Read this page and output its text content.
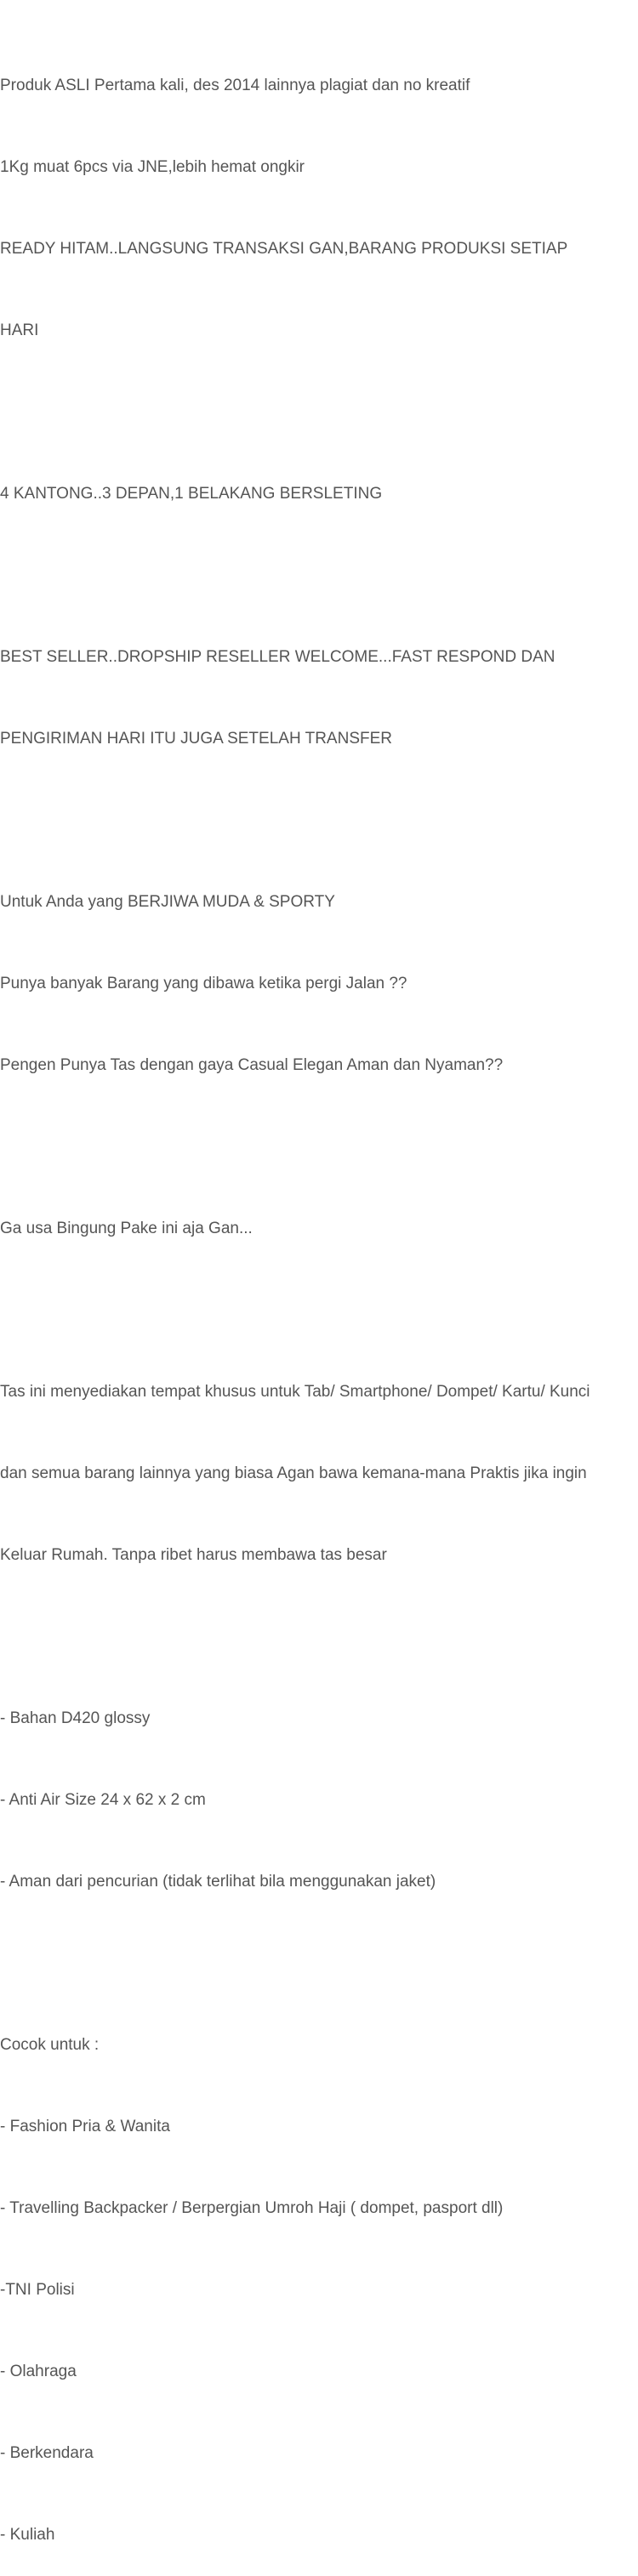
Produk ASLI Pertama kali, des 2014 lainnya plagiat dan no kreatif

1Kg muat 6pcs via JNE,lebih hemat ongkir

READY HITAM..LANGSUNG TRANSAKSI GAN,BARANG PRODUKSI SETIAP

HARI

4 KANTONG..3 DEPAN,1 BELAKANG BERSLETING

BEST SELLER..DROPSHIP RESELLER WELCOME...FAST RESPOND DAN

PENGIRIMAN HARI ITU JUGA SETELAH TRANSFER

Untuk Anda yang BERJIWA MUDA & SPORTY

Punya banyak Barang yang dibawa ketika pergi Jalan ??

Pengen Punya Tas dengan gaya Casual Elegan Aman dan Nyaman??

Ga usa Bingung Pake ini aja Gan...

Tas ini menyediakan tempat khusus untuk Tab/ Smartphone/ Dompet/ Kartu/ Kunci

dan semua barang lainnya yang biasa Agan bawa kemana-mana Praktis jika ingin

Keluar Rumah. Tanpa ribet harus membawa tas besar

- Bahan D420 glossy

- Anti Air Size 24 x 62 x 2 cm

- Aman dari pencurian (tidak terlihat bila menggunakan jaket)

Cocok untuk :

- Fashion Pria & Wanita

- Travelling Backpacker / Berpergian Umroh Haji ( dompet, pasport dll)

-TNI Polisi

- Olahraga

- Berkendara

- Kuliah
